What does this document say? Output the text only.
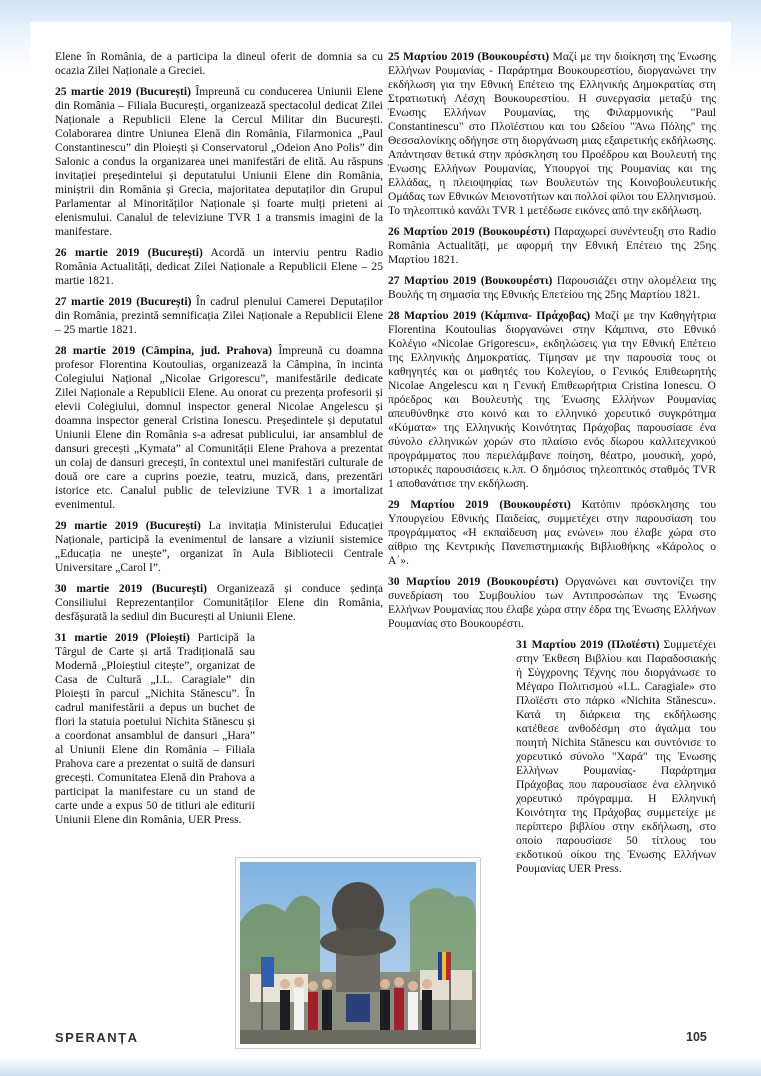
Elene în România, de a participa la dineul oferit de domnia sa cu ocazia Zilei Naționale a Greciei.

25 martie 2019 (București) Împreună cu conducerea Uniunii Elene din România – Filiala București, organizează spectacolul dedicat Zilei Naționale a Republicii Elene la Cercul Militar din București. Colaborarea dintre Uniunea Elenă din România, Filarmonica „Paul Constantinescu” din Ploiești și Conservatorul „Odeion Ano Polis” din Salonic a condus la organizarea unei manifestări de elită. Au răspuns invitației președintelui și deputatului Uniunii Elene din România, miniștrii din România și Grecia, majoritatea deputaților din Grupul Parlamentar al Minorităților Naționale și foarte mulți prieteni ai elenismului. Canalul de televiziune TVR 1 a transmis imagini de la manifestare.

26 martie 2019 (București) Acordă un interviu pentru Radio România Actualități, dedicat Zilei Naționale a Republicii Elene – 25 martie 1821.

27 martie 2019 (București) În cadrul plenului Camerei Deputaților din România, prezintă semnificația Zilei Naționale a Republicii Elene – 25 martie 1821.

28 martie 2019 (Câmpina, jud. Prahova) Împreună cu doamna profesor Florentina Koutoulias, organizează la Câmpina, în incinta Colegiului Național „Nicolae Grigorescu”, manifestările dedicate Zilei Naționale a Republicii Elene. Au onorat cu prezența profesorii și elevii Colegiului, domnul inspector general Nicolae Angelescu și doamna inspector general Cristina Ionescu. Președintele și deputatul Uniunii Elene din România s-a adresat publicului, iar ansamblul de dansuri grecești „Kymata” al Comunității Elene Prahova a prezentat un colaj de dansuri grecești, în contextul unei manifestări culturale de două ore care a cuprins poezie, teatru, muzică, dans, prezentări istorice etc. Canalul public de televiziune TVR 1 a imortalizat evenimentul.

29 martie 2019 (București) La invitația Ministerului Educației Naționale, participă la evenimentul de lansare a viziunii sistemice „Educația ne unește”, organizat în Aula Bibliotecii Centrale Universitare „Carol I”.

30 martie 2019 (București) Organizează și conduce ședința Consiliului Reprezentanților Comunităților Elene din România, desfășurată la sediul din București al Uniunii Elene.

31 martie 2019 (Ploiești) Participă la Târgul de Carte și artă Tradițională sau Modernă „Ploieștiul citește”, organizat de Casa de Cultură „I.L. Caragiale” din Ploiești în parcul „Nichita Stănescu”. În cadrul manifestării a depus un buchet de flori la statuia poetului Nichita Stănescu și a coordonat ansamblul de dansuri „Hara” al Uniunii Elene din România – Filiala Prahova care a prezentat o suită de dansuri grecești. Comunitatea Elenă din Prahova a participat la manifestare cu un stand de carte unde a expus 50 de titluri ale editurii Uniunii Elene din România, UER Press.

25 Μαρτίου 2019 (Βουκουρέστι) Μαζί με την διοίκηση της Ένωσης Ελλήνων Ρουμανίας - Παράρτημα Βουκουρεστίου, διοργανώνει την εκδήλωση για την Εθνική Επέτειο της Ελληνικής Δημοκρατίας στη Στρατιωτική Λέσχη Βουκουρεστίου. Η συνεργασία μεταξύ της Ένωσης Ελλήνων Ρουμανίας, της Φιλαρμονικής "Paul Constantinescu" στο Πλοϊέστιου και του Ωδείου "Άνω Πόλης" της Θεσσαλονίκης οδήγησε στη διοργάνωση μιας εξαιρετικής εκδήλωσης. Απάντησαν θετικά στην πρόσκληση του Προέδρου και Βουλευτή της Ένωσης Ελλήνων Ρουμανίας, Υπουργοί της Ρουμανίας και της Ελλάδας, η πλειοψηφίας των Βουλευτών της Κοινοβουλευτικής Ομάδας των Εθνικών Μειονοτήτων και πολλοί φίλοι του Ελληνισμού. Το τηλεοπτικό κανάλι TVR 1 μετέδωσε εικόνες από την εκδήλωση.

26 Μαρτίου 2019 (Βουκουρέστι) Παραχωρεί συνέντευξη στο Radio România Actualități, με αφορμή την Εθνική Επέτειο της 25ης Μαρτίου 1821.

27 Μαρτίου 2019 (Βουκουρέστι) Παρουσιάζει στην ολομέλεια της Βουλής τη σημασία της Εθνικής Επετείου της 25ης Μαρτίου 1821.

28 Μαρτίου 2019 (Κάμπινα- Πράχοβας) Μαζί με την Καθηγήτρια Florentina Koutoulias διοργανώνει στην Κάμπινα, στο Εθνικό Κολέγιο «Nicolae Grigorescu», εκδηλώσεις για την Εθνική Επέτειο της Ελληνικής Δημοκρατίας. Τίμησαν με την παρουσία τους οι καθηγητές και οι μαθητές του Κολεγίου, ο Γενικός Επιθεωρητής Nicolae Angelescu και η Γενική Επιθεωρήτρια Cristina Ionescu. Ο πρόεδρος και Βουλευτής της Ένωσης Ελλήνων Ρουμανίας απευθύνθηκε στο κοινό και το ελληνικό χορευτικό συγκρότημα «Κύματα» της Ελληνικής Κοινότητας Πράχοβας παρουσίασε ένα σύνολο ελληνικών χορών στο πλαίσιο ενός δίωρου καλλιτεχνικού προγράμματος που περιελάμβανε ποίηση, θέατρο, μουσική, χορό, ιστορικές παρουσιάσεις κ.λπ. Ο δημόσιος τηλεοπτικός σταθμός TVR 1 αποθανάτισε την εκδήλωση.

29 Μαρτίου 2019 (Βουκουρέστι) Κατόπιν πρόσκλησης του Υπουργείου Εθνικής Παιδείας, συμμετέχει στην παρουσίαση του προγράμματος «Η εκπαίδευση μας ενώνει» που έλαβε χώρα στο αίθριο της Κεντρικής Πανεπιστημιακής Βιβλιοθήκης «Κάρολος ο Α΄».

30 Μαρτίου 2019 (Βουκουρέστι) Οργανώνει και συντονίζει την συνεδρίαση του Συμβουλίου των Αντιπροσώπων της Ένωσης Ελλήνων Ρουμανίας που έλαβε χώρα στην έδρα της Ένωσης Ελλήνων Ρουμανίας στο Βουκουρέστι.

31 Μαρτίου 2019 (Πλοϊέστι) Συμμετέχει στην Έκθεση Βιβλίου και Παραδοσιακής ή Σύγχρονης Τέχνης που διοργάνωσε το Μέγαρο Πολιτισμού «I.L. Caragiale» στο Πλοϊέστι στο πάρκο «Nichita Stănescu». Κατά τη διάρκεια της εκδήλωσης κατέθεσε ανθοδέσμη στο άγαλμα του ποιητή Nichita Stănescu και συντόνισε το χορευτικό σύνολο "Χαρά" της Ένωσης Ελλήνων Ρουμανίας- Παράρτημα Πράχοβας που παρουσίασε ένα ελληνικό χορευτικό πρόγραμμα. Η Ελληνική Κοινότητα της Πράχοβας συμμετείχε με περίπτερο βιβλίου στην εκδήλωση, στο οποίο παρουσίασε 50 τίτλους του εκδοτικού οίκου της Ένωσης Ελλήνων Ρουμανίας UER Press.

SPERANȚA	105
